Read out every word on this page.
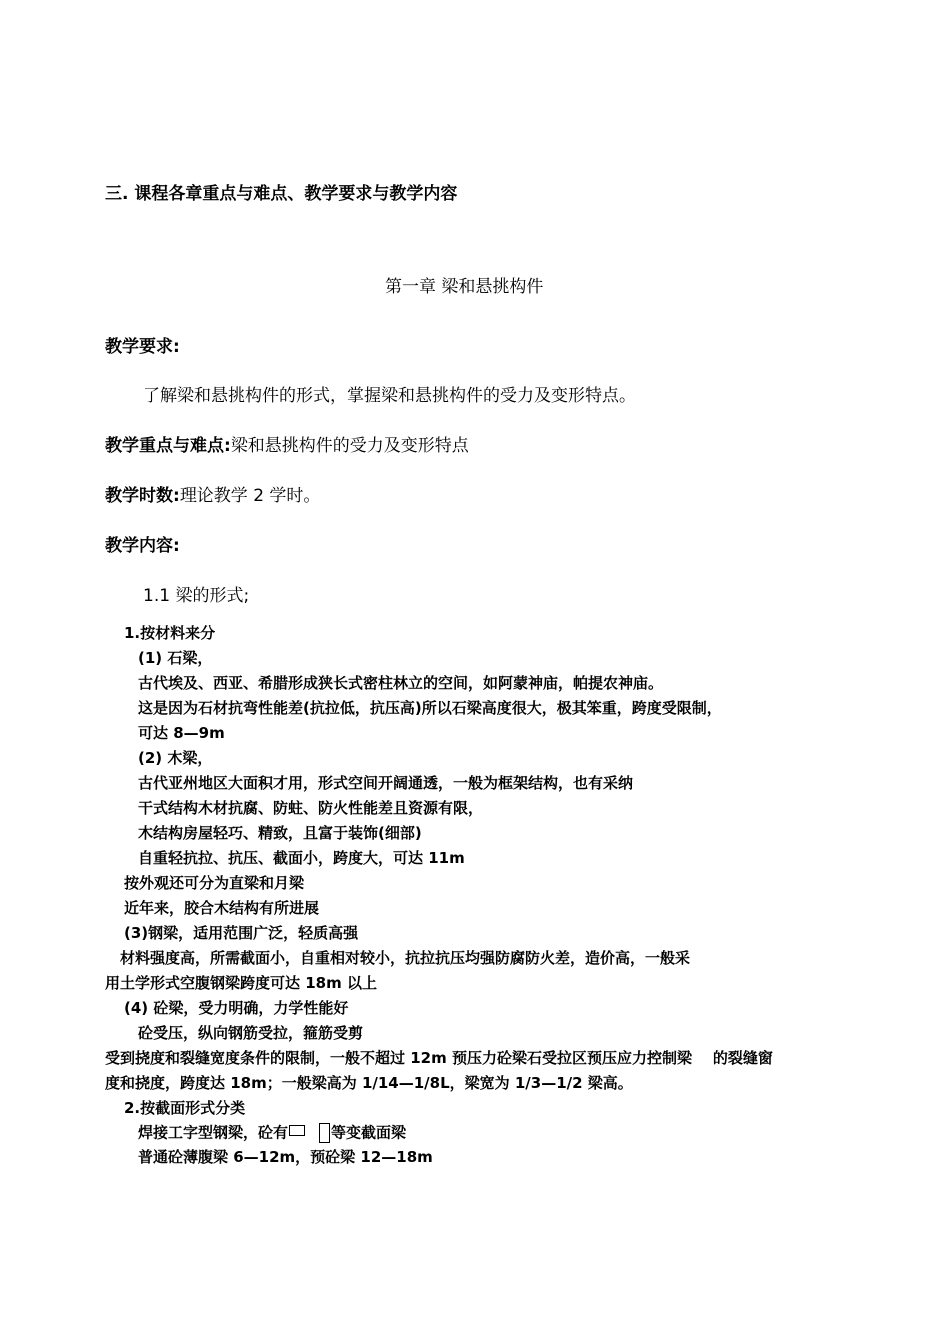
三. 课程各章重点与难点、教学要求与教学内容
第一章 梁和悬挑构件
教学要求:
了解梁和悬挑构件的形式，掌握梁和悬挑构件的受力及变形特点。
教学重点与难点:梁和悬挑构件的受力及变形特点
教学时数:理论教学 2 学时。
教学内容:
1.1 梁的形式;
1.按材料来分
(1) 石梁，
古代埃及、西亚、希腊形成狭长式密柱林立的空间，如阿蒙神庙，帕提农神庙。
这是因为石材抗弯性能差(抗拉低，抗压高)所以石梁高度很大，极其笨重，跨度受限制，
可达 8—9m
(2) 木梁，
古代亚州地区大面积才用，形式空间开阔通透，一般为框架结构，也有采纳
干式结构木材抗腐、防蛀、防火性能差且资源有限，
木结构房屋轻巧、精致，且富于装饰(细部)
自重轻抗拉、抗压、截面小，跨度大，可达 11m
按外观还可分为直梁和月梁
近年来，胶合木结构有所进展
(3)钢梁，适用范围广泛，轻质高强
材料强度高，所需截面小，自重相对较小，抗拉抗压均强防腐防火差，造价高，一般采
用土学形式空腹钢梁跨度可达 18m 以上
(4) 砼梁，受力明确，力学性能好
砼受压，纵向钢筋受拉，箍筋受剪
受到挠度和裂缝宽度条件的限制，一般不超过 12m 预压力砼梁石受拉区预压应力控制梁    的裂缝窗
度和挠度，跨度达 18m；一般梁高为 1/14—1/8L，梁宽为 1/3—1/2 梁高。
2.按截面形式分类
焊接工字型钢梁，砼有	等变截面梁
普通砼薄腹梁 6—12m，预砼梁 12—18m
